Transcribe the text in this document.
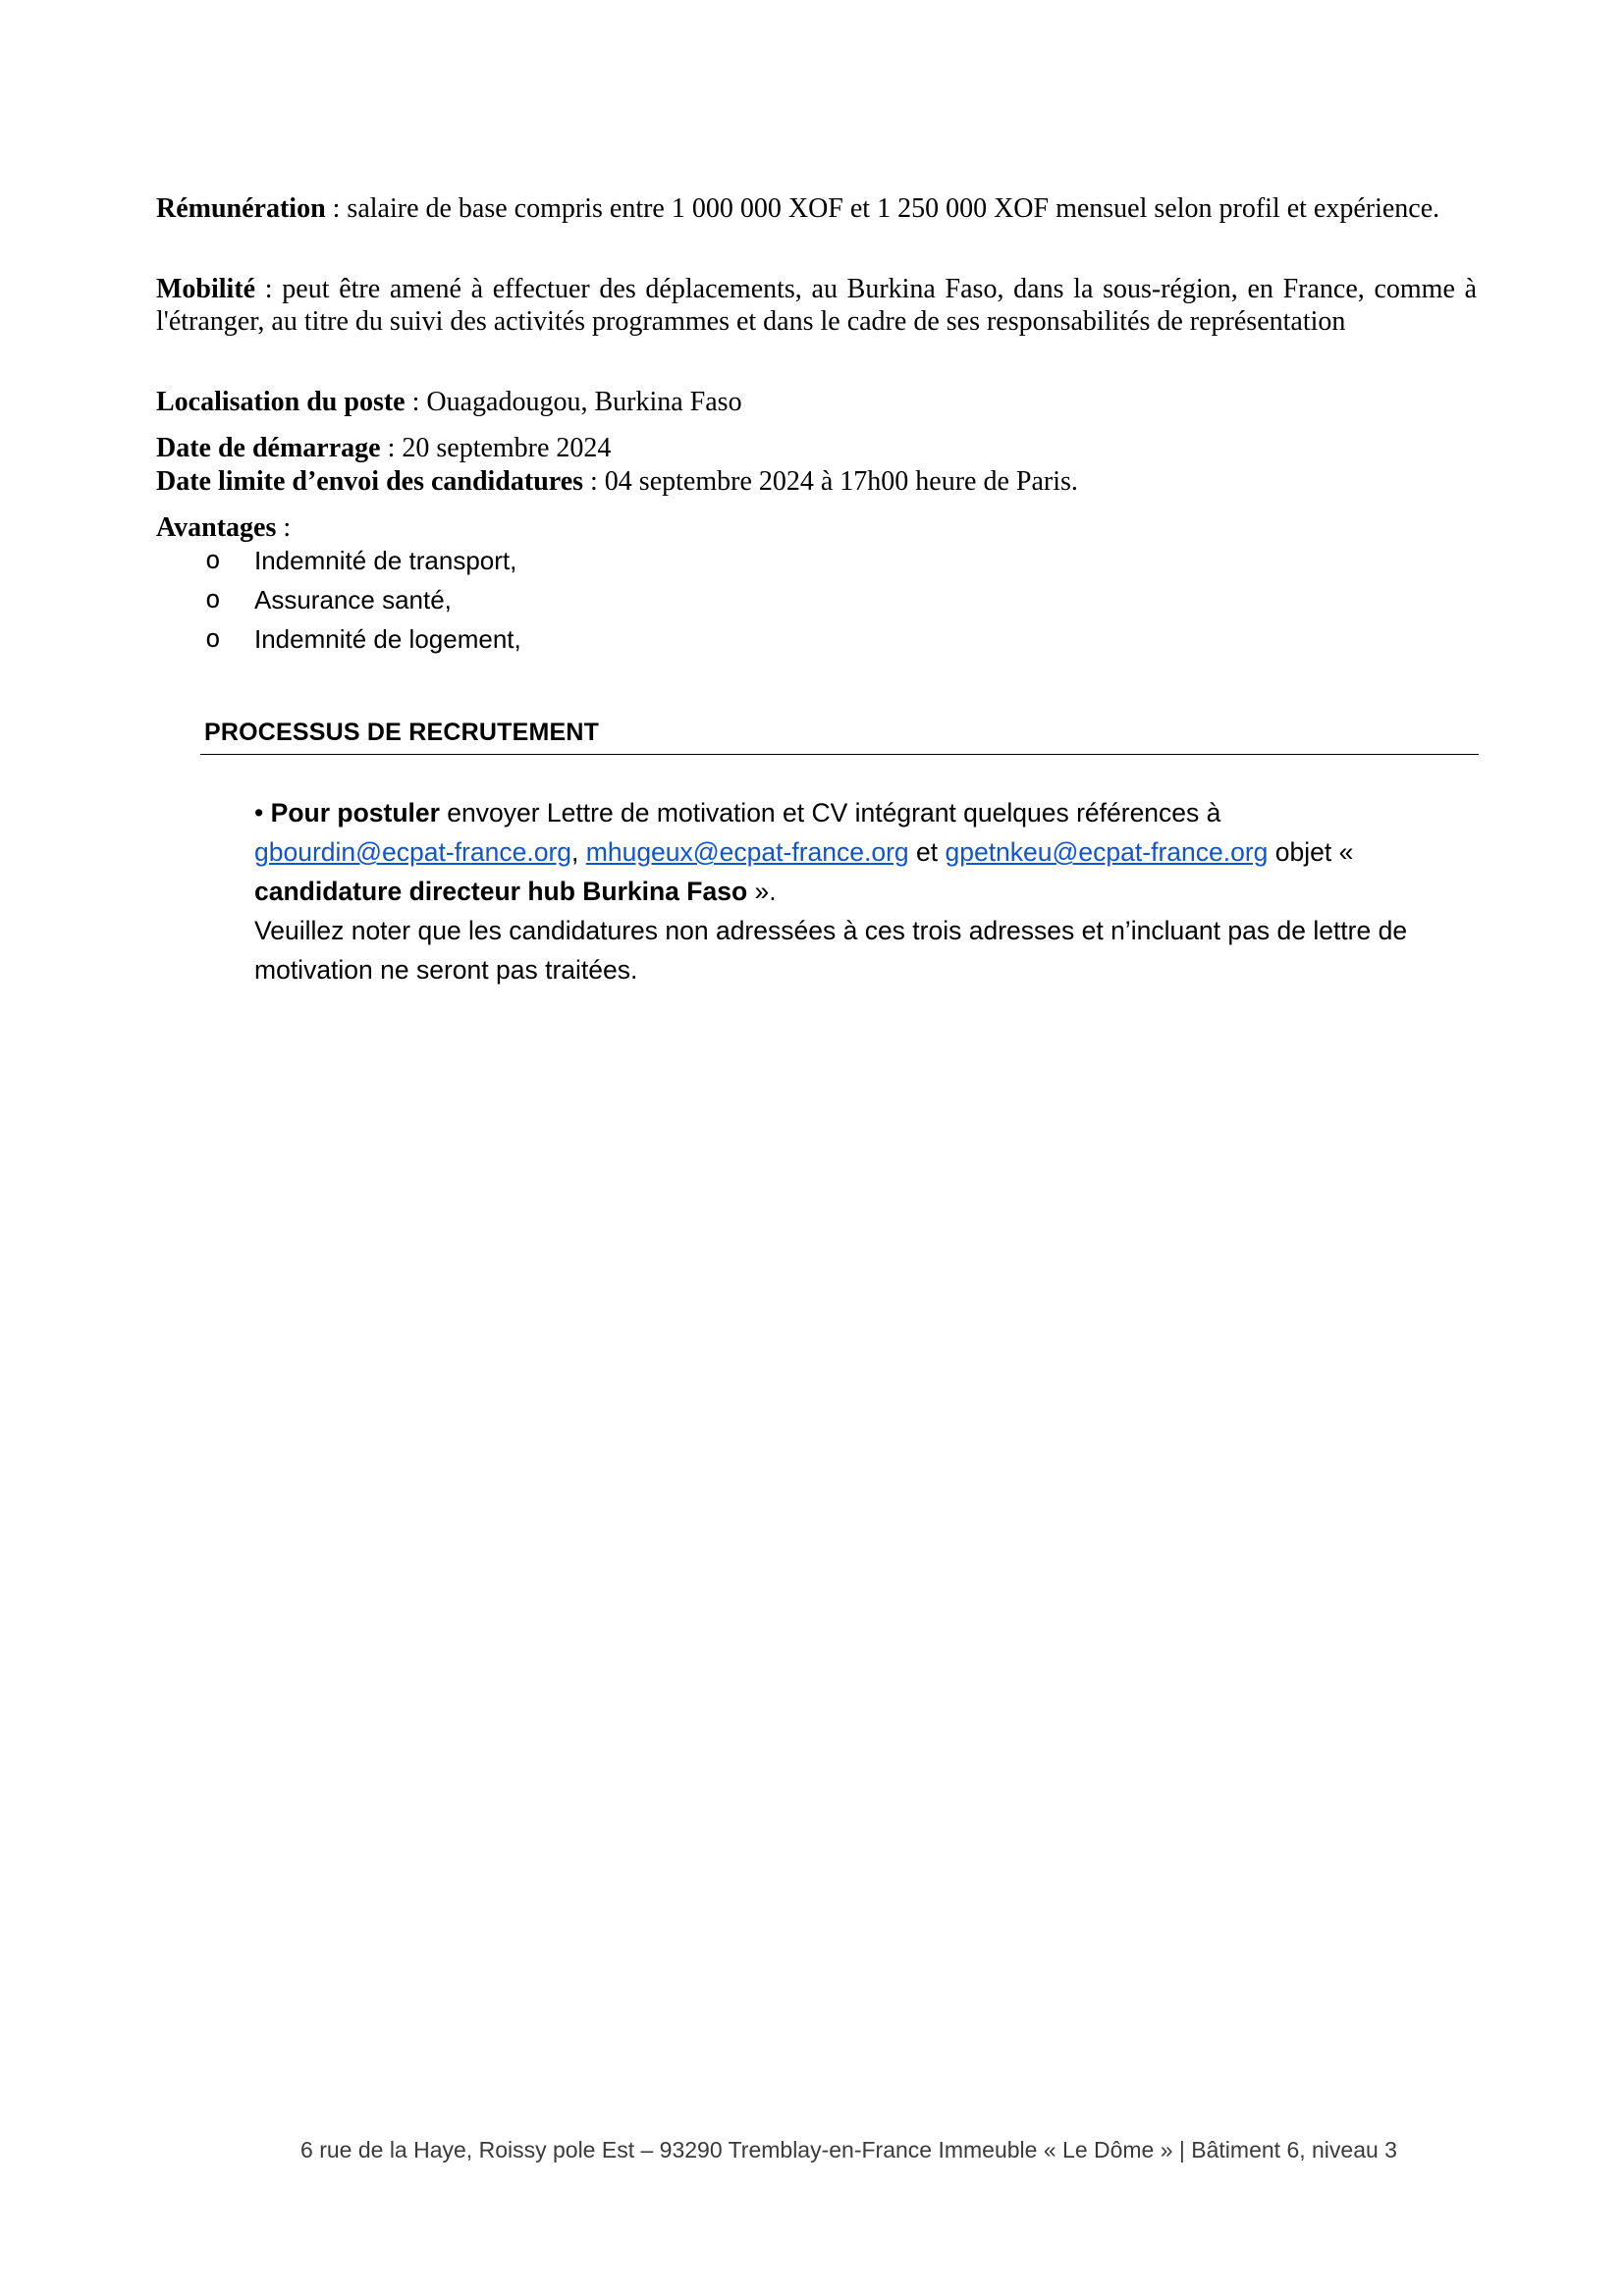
Rémunération : salaire de base compris entre 1 000 000 XOF et 1 250 000 XOF mensuel selon profil et expérience.

Mobilité : peut être amené à effectuer des déplacements, au Burkina Faso, dans la sous-région, en France, comme à l'étranger, au titre du suivi des activités programmes et dans le cadre de ses responsabilités de représentation

Localisation du poste : Ouagadougou, Burkina Faso

Date de démarrage : 20 septembre 2024

Date limite d’envoi des candidatures : 04 septembre 2024 à 17h00 heure de Paris.

Avantages :

o Indemnité de transport,
o Assurance santé,
o Indemnité de logement,
PROCESSUS DE RECRUTEMENT
• Pour postuler envoyer Lettre de motivation et CV intégrant quelques références à
gbourdin@ecpat-france.org, mhugeux@ecpat-france.org et gpetnkeu@ecpat-france.org objet «
candidature directeur hub Burkina Faso ».
Veuillez noter que les candidatures non adressées à ces trois adresses et n’incluant pas de lettre de motivation ne seront pas traitées.
6 rue de la Haye, Roissy pole Est – 93290 Tremblay-en-France Immeuble « Le Dôme » | Bâtiment 6, niveau 3
